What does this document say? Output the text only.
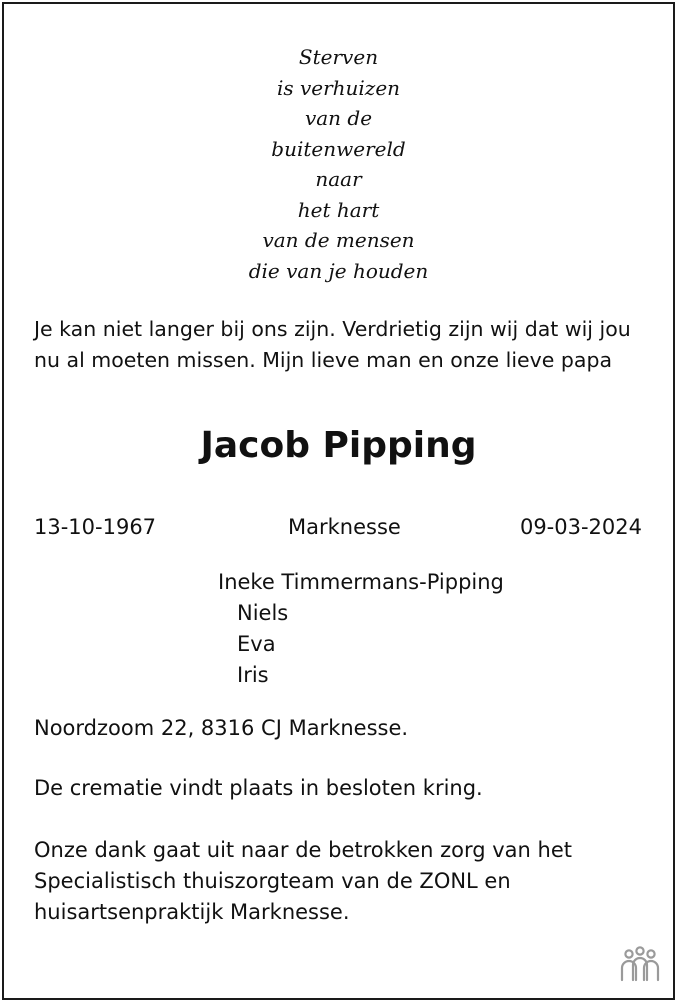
Sterven
is verhuizen
van de
buitenwereld
naar
het hart
van de mensen
die van je houden
Je kan niet langer bij ons zijn. Verdrietig zijn wij dat wij jou
nu al moeten missen. Mijn lieve man en onze lieve papa
Jacob Pipping
13-10-1967	Marknesse	09-03-2024
Ineke Timmermans-Pipping
Niels
Eva
Iris
Noordzoom 22, 8316 CJ Marknesse.
De crematie vindt plaats in besloten kring.
Onze dank gaat uit naar de betrokken zorg van het
Specialistisch thuiszorgteam van de ZONL en
huisartsenpraktijk Marknesse.
